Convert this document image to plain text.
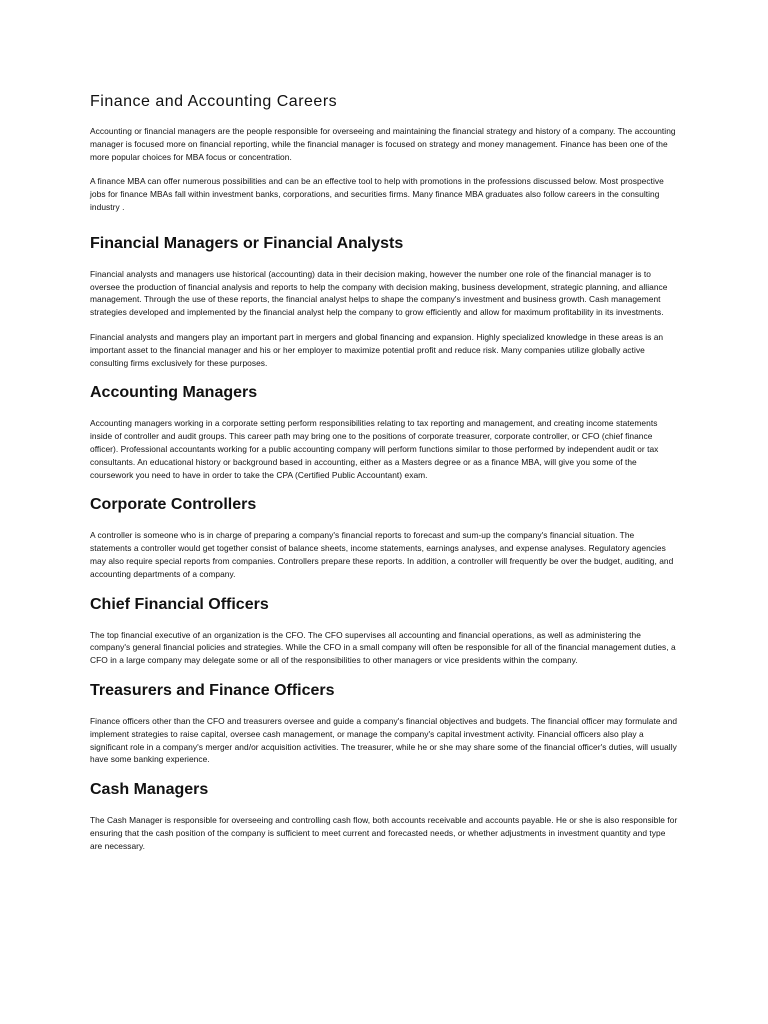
Finance and Accounting Careers

Accounting or financial managers are the people responsible for overseeing and maintaining the financial strategy and history of a company. The accounting manager is focused more on financial reporting, while the financial manager is focused on strategy and money management. Finance has been one of the more popular choices for MBA focus or concentration.

A finance MBA can offer numerous possibilities and can be an effective tool to help with promotions in the professions discussed below. Most prospective jobs for finance MBAs fall within investment banks, corporations, and securities firms. Many finance MBA graduates also follow careers in the consulting industry .

Financial Managers or Financial Analysts

Financial analysts and managers use historical (accounting) data in their decision making, however the number one role of the financial manager is to oversee the production of financial analysis and reports to help the company with decision making, business development, strategic planning, and alliance management. Through the use of these reports, the financial analyst helps to shape the company's investment and business growth. Cash management strategies developed and implemented by the financial analyst help the company to grow efficiently and allow for maximum profitability in its investments.

Financial analysts and mangers play an important part in mergers and global financing and expansion. Highly specialized knowledge in these areas is an important asset to the financial manager and his or her employer to maximize potential profit and reduce risk. Many companies utilize globally active consulting firms exclusively for these purposes.

Accounting Managers

Accounting managers working in a corporate setting perform responsibilities relating to tax reporting and management, and creating income statements inside of controller and audit groups. This career path may bring one to the positions of corporate treasurer, corporate controller, or CFO (chief finance officer). Professional accountants working for a public accounting company will perform functions similar to those performed by independent audit or tax consultants. An educational history or background based in accounting, either as a Masters degree or as a finance MBA, will give you some of the coursework you need to have in order to take the CPA (Certified Public Accountant) exam.

Corporate Controllers

A controller is someone who is in charge of preparing a company's financial reports to forecast and sum-up the company's financial situation. The statements a controller would get together consist of balance sheets, income statements, earnings analyses, and expense analyses. Regulatory agencies may also require special reports from companies. Controllers prepare these reports. In addition, a controller will frequently be over the budget, auditing, and accounting departments of a company.

Chief Financial Officers

The top financial executive of an organization is the CFO. The CFO supervises all accounting and financial operations, as well as administering the company's general financial policies and strategies. While the CFO in a small company will often be responsible for all of the financial management duties, a CFO in a large company may delegate some or all of the responsibilities to other managers or vice presidents within the company.

Treasurers and Finance Officers

Finance officers other than the CFO and treasurers oversee and guide a company's financial objectives and budgets. The financial officer may formulate and implement strategies to raise capital, oversee cash management, or manage the company's capital investment activity. Financial officers also play a significant role in a company's merger and/or acquisition activities. The treasurer, while he or she may share some of the financial officer's duties, will usually have some banking experience.

Cash Managers

The Cash Manager is responsible for overseeing and controlling cash flow, both accounts receivable and accounts payable. He or she is also responsible for ensuring that the cash position of the company is sufficient to meet current and forecasted needs, or whether adjustments in investment quantity and type are necessary.
